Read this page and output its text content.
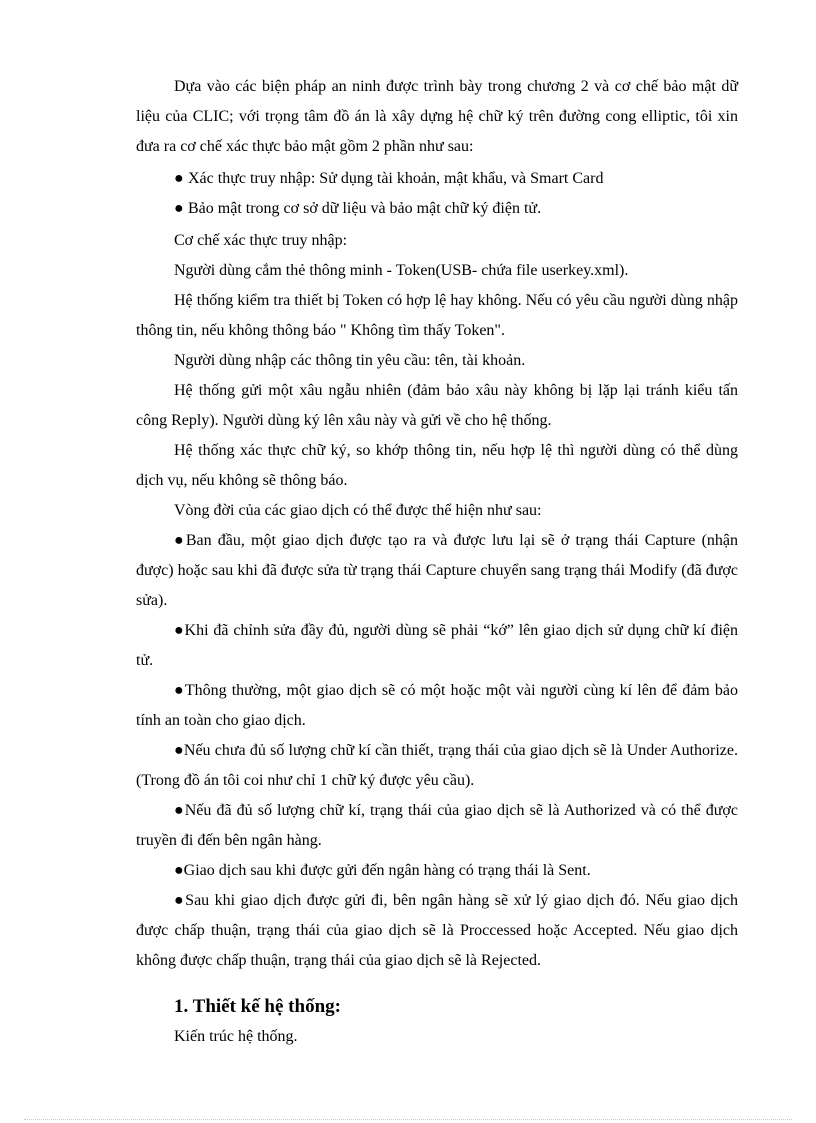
Dựa vào các biện pháp an ninh được trình bày trong chương 2 và cơ chế bảo mật dữ liệu của CLIC; với trọng tâm đồ án là xây dựng hệ chữ ký trên đường cong elliptic, tôi xin đưa ra cơ chế xác thực bảo mật gồm 2 phần như sau:

● Xác thực truy nhập: Sử dụng tài khoản, mật khẩu, và Smart Card

● Bảo mật trong cơ sở dữ liệu và bảo mật chữ ký điện tử.

Cơ chế xác thực truy nhập:

Người dùng cắm thẻ thông minh - Token(USB- chứa file userkey.xml).

Hệ thống kiểm tra thiết bị Token có hợp lệ hay không. Nếu có yêu cầu người dùng nhập thông tin, nếu không thông báo " Không tìm thấy Token".

Người dùng nhập các thông tin yêu cầu: tên, tài khoản.

Hệ thống gửi một xâu ngẫu nhiên (đảm bảo xâu này không bị lặp lại tránh kiểu tấn công Reply). Người dùng ký lên xâu này và gửi về cho hệ thống.

Hệ thống xác thực chữ ký, so khớp thông tin, nếu hợp lệ thì người dùng có thể dùng dịch vụ, nếu không sẽ thông báo.

Vòng đời của các giao dịch có thể được thể hiện như sau:

●Ban đầu, một giao dịch được tạo ra và được lưu lại sẽ ở trạng thái Capture (nhận được) hoặc sau khi đã được sửa từ trạng thái Capture chuyển sang trạng thái Modify (đã được sửa).

●Khi đã chỉnh sửa đầy đủ, người dùng sẽ phải “kớ” lên giao dịch sử dụng chữ kí điện tử.

●Thông thường, một giao dịch sẽ có một hoặc một vài người cùng kí lên để đảm bảo tính an toàn cho giao dịch.

●Nếu chưa đủ số lượng chữ kí cần thiết, trạng thái của giao dịch sẽ là Under Authorize. (Trong đồ án tôi coi như chỉ 1 chữ ký được yêu cầu).

●Nếu đã đủ số lượng chữ kí, trạng thái của giao dịch sẽ là Authorized và có thể được truyền đi đến bên ngân hàng.

●Giao dịch sau khi được gửi đến ngân hàng có trạng thái là Sent.

●Sau khi giao dịch được gửi đi, bên ngân hàng sẽ xử lý giao dịch đó. Nếu giao dịch được chấp thuận, trạng thái của giao dịch sẽ là Proccessed hoặc Accepted. Nếu giao dịch không được chấp thuận, trạng thái của giao dịch sẽ là Rejected.

1. Thiết kế hệ thống:

Kiến trúc hệ thống.
